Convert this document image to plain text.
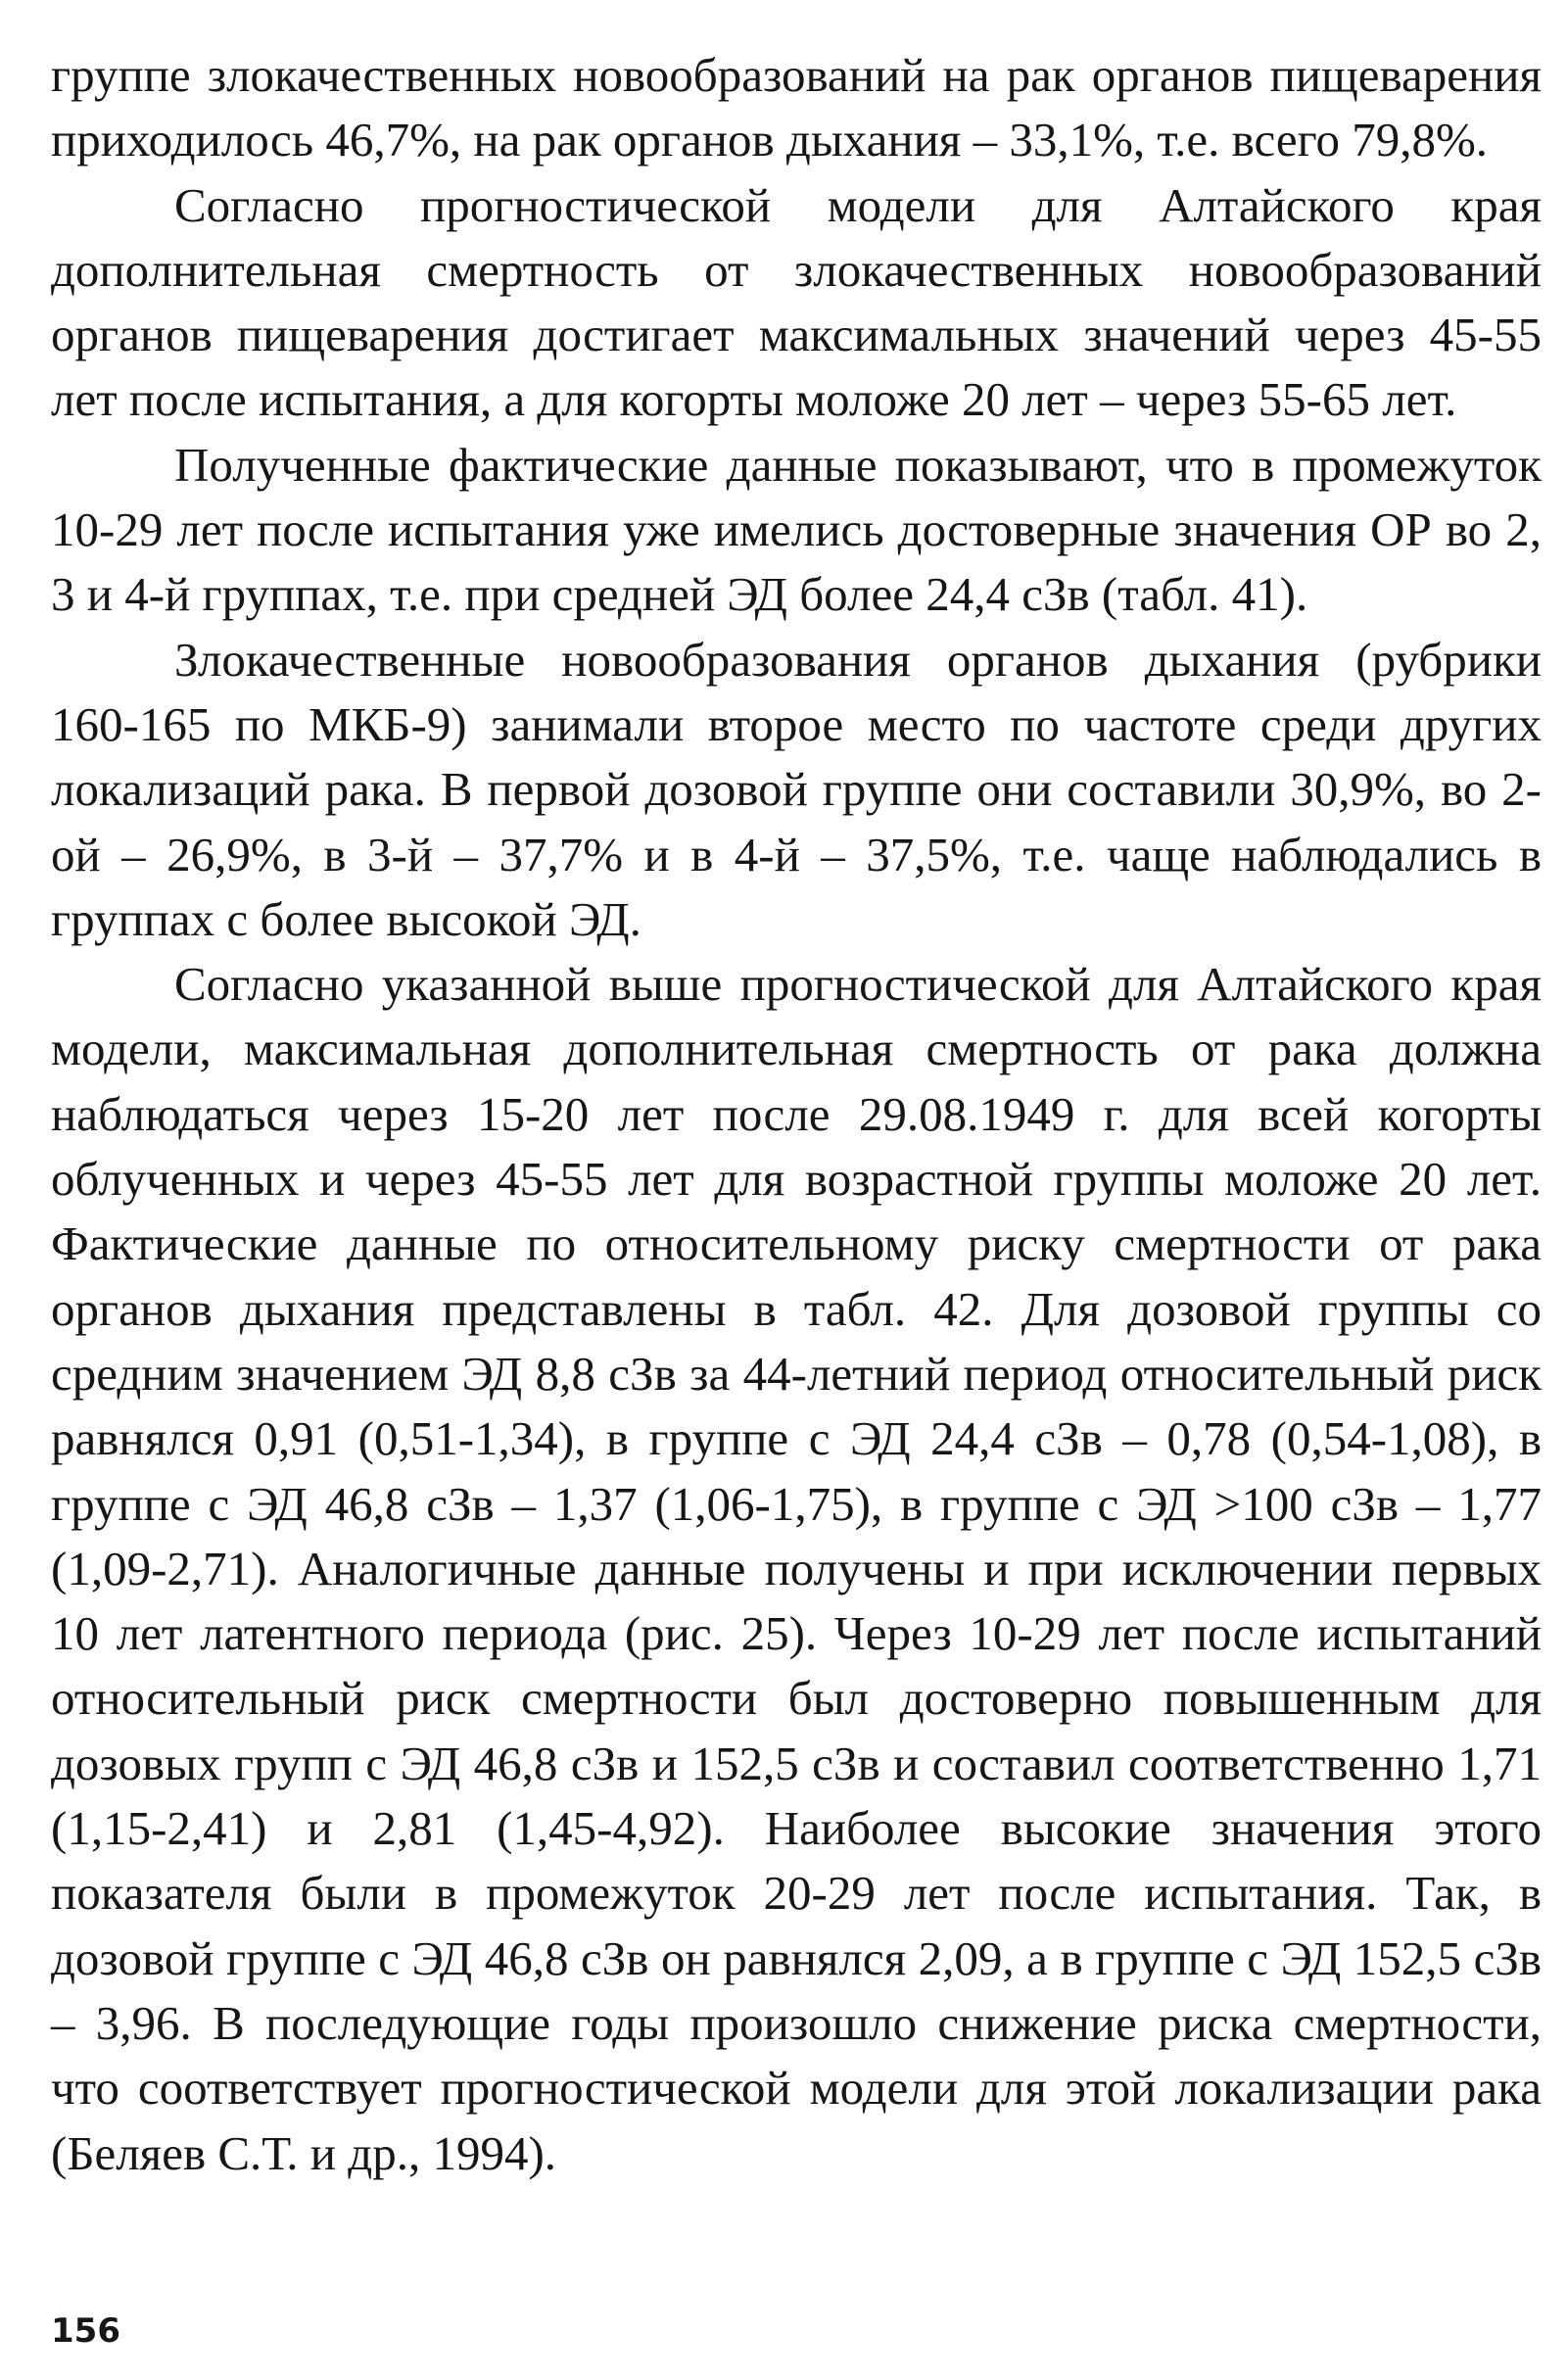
группе злокачественных новообразований на рак органов пищеварения приходилось 46,7%, на рак органов дыхания – 33,1%, т.е. всего 79,8%.

Согласно прогностической модели для Алтайского края дополнительная смертность от злокачественных новообразований органов пищеварения достигает максимальных значений через 45-55 лет после испытания, а для когорты моложе 20 лет – через 55-65 лет.

Полученные фактические данные показывают, что в промежуток 10-29 лет после испытания уже имелись достоверные значения ОР во 2, 3 и 4-й группах, т.е. при средней ЭД более 24,4 сЗв (табл. 41).

Злокачественные новообразования органов дыхания (рубрики 160-165 по МКБ-9) занимали второе место по частоте среди других локализаций рака. В первой дозовой группе они составили 30,9%, во 2-ой – 26,9%, в 3-й – 37,7% и в 4-й – 37,5%, т.е. чаще наблюдались в группах с более высокой ЭД.

Согласно указанной выше прогностической для Алтайского края модели, максимальная дополнительная смертность от рака должна наблюдаться через 15-20 лет после 29.08.1949 г. для всей когорты облученных и через 45-55 лет для возрастной группы моложе 20 лет. Фактические данные по относительному риску смертности от рака органов дыхания представлены в табл. 42. Для дозовой группы со средним значением ЭД 8,8 сЗв за 44-летний период относительный риск равнялся 0,91 (0,51-1,34), в группе с ЭД 24,4 сЗв – 0,78 (0,54-1,08), в группе с ЭД 46,8 сЗв – 1,37 (1,06-1,75), в группе с ЭД >100 сЗв – 1,77 (1,09-2,71). Аналогичные данные получены и при исключении первых 10 лет латентного периода (рис. 25). Через 10-29 лет после испытаний относительный риск смертности был достоверно повышенным для дозовых групп с ЭД 46,8 сЗв и 152,5 сЗв и составил соответственно 1,71 (1,15-2,41) и 2,81 (1,45-4,92). Наиболее высокие значения этого показателя были в промежуток 20-29 лет после испытания. Так, в дозовой группе с ЭД 46,8 сЗв он равнялся 2,09, а в группе с ЭД 152,5 сЗв – 3,96. В последующие годы произошло снижение риска смертности, что соответствует прогностической модели для этой локализации рака (Беляев С.Т. и др., 1994).

156
